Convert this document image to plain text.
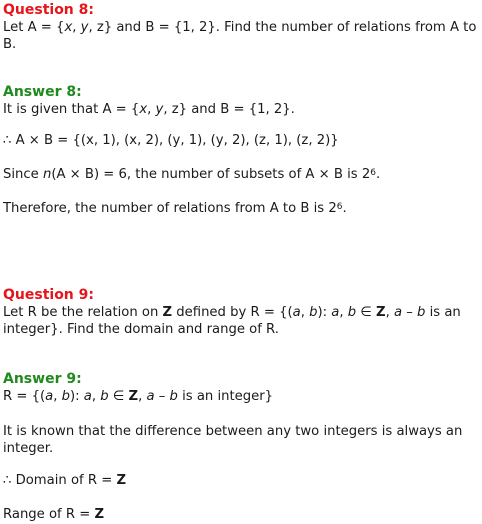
Question 8:
Let A = {x, y, z} and B = {1, 2}. Find the number of relations from A to B.
Answer 8:
It is given that A = {x, y, z} and B = {1, 2}.
∴ A × B = {(x, 1), (x, 2), (y, 1), (y, 2), (z, 1), (z, 2)}
Since n(A × B) = 6, the number of subsets of A × B is $2^6$.
Therefore, the number of relations from A to B is $2^6$.
Question 9:
Let R be the relation on Z defined by R = {(a, b): a, b ∈ Z, a – b is an integer}. Find the domain and range of R.
Answer 9:
R = {(a, b): a, b ∈ Z, a – b is an integer}
It is known that the difference between any two integers is always an integer.
∴ Domain of R = Z
Range of R = Z
